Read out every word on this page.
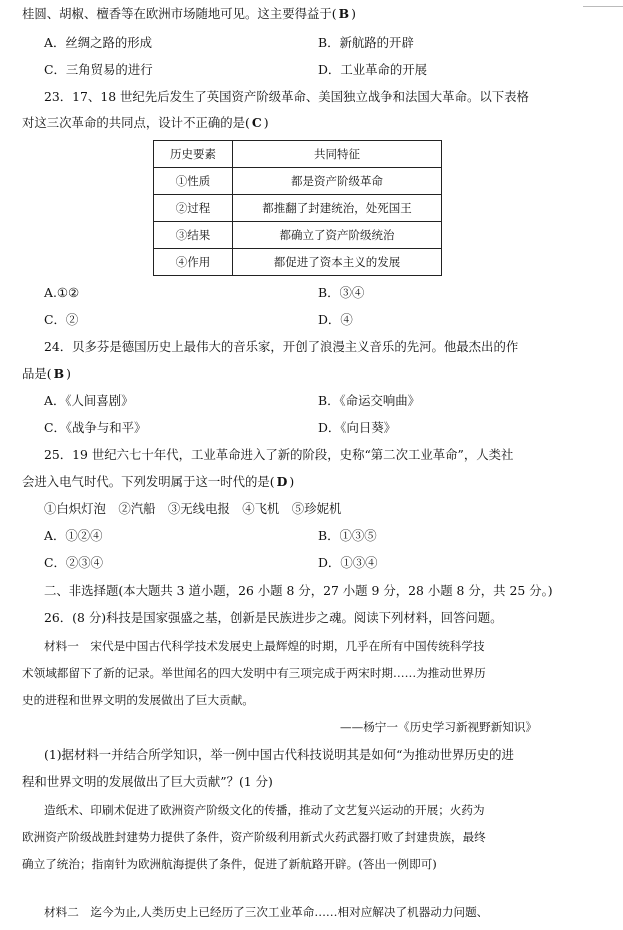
桂圆、胡椒、檀香等在欧洲市场随地可见。这主要得益于( B )
A．丝绸之路的形成	B．新航路的开辟
C．三角贸易的进行	D．工业革命的开展
23．17、18 世纪先后发生了英国资产阶级革命、美国独立战争和法国大革命。以下表格
对这三次革命的共同点，设计不正确的是( C )
历史要素	共同特征
①性质	都是资产阶级革命
②过程	都推翻了封建统治，处死国王
③结果	都确立了资产阶级统治
④作用	都促进了资本主义的发展
A.①②	B．③④
C．②	D．④
24．贝多芬是德国历史上最伟大的音乐家，开创了浪漫主义音乐的先河。他最杰出的作
品是( B )
A．《人间喜剧》	B．《命运交响曲》
C．《战争与和平》	D．《向日葵》
25．19 世纪六七十年代，工业革命进入了新的阶段，史称“第二次工业革命”，人类社
会进入电气时代。下列发明属于这一时代的是( D )
①白炽灯泡　②汽船　③无线电报　④飞机　⑤珍妮机
A．①②④	B．①③⑤
C．②③④	D．①③④
二、非选择题(本大题共 3 道小题，26 小题 8 分，27 小题 9 分，28 小题 8 分，共 25 分。)
26．(8 分)科技是国家强盛之基，创新是民族进步之魂。阅读下列材料，回答问题。
材料一　宋代是中国古代科学技术发展史上最辉煌的时期，几乎在所有中国传统科学技
术领域都留下了新的记录。举世闻名的四大发明中有三项完成于两宋时期……为推动世界历
史的进程和世界文明的发展做出了巨大贡献。
——杨宁一《历史学习新视野新知识》
(1)据材料一并结合所学知识，举一例中国古代科技说明其是如何“为推动世界历史的进
程和世界文明的发展做出了巨大贡献”？(1 分)
造纸术、印刷术促进了欧洲资产阶级文化的传播，推动了文艺复兴运动的开展；火药为
欧洲资产阶级战胜封建势力提供了条件，资产阶级利用新式火药武器打败了封建贵族，最终
确立了统治；指南针为欧洲航海提供了条件，促进了新航路开辟。(答出一例即可)
材料二　迄今为止,人类历史上已经历了三次工业革命……相对应解决了机器动力问题、
